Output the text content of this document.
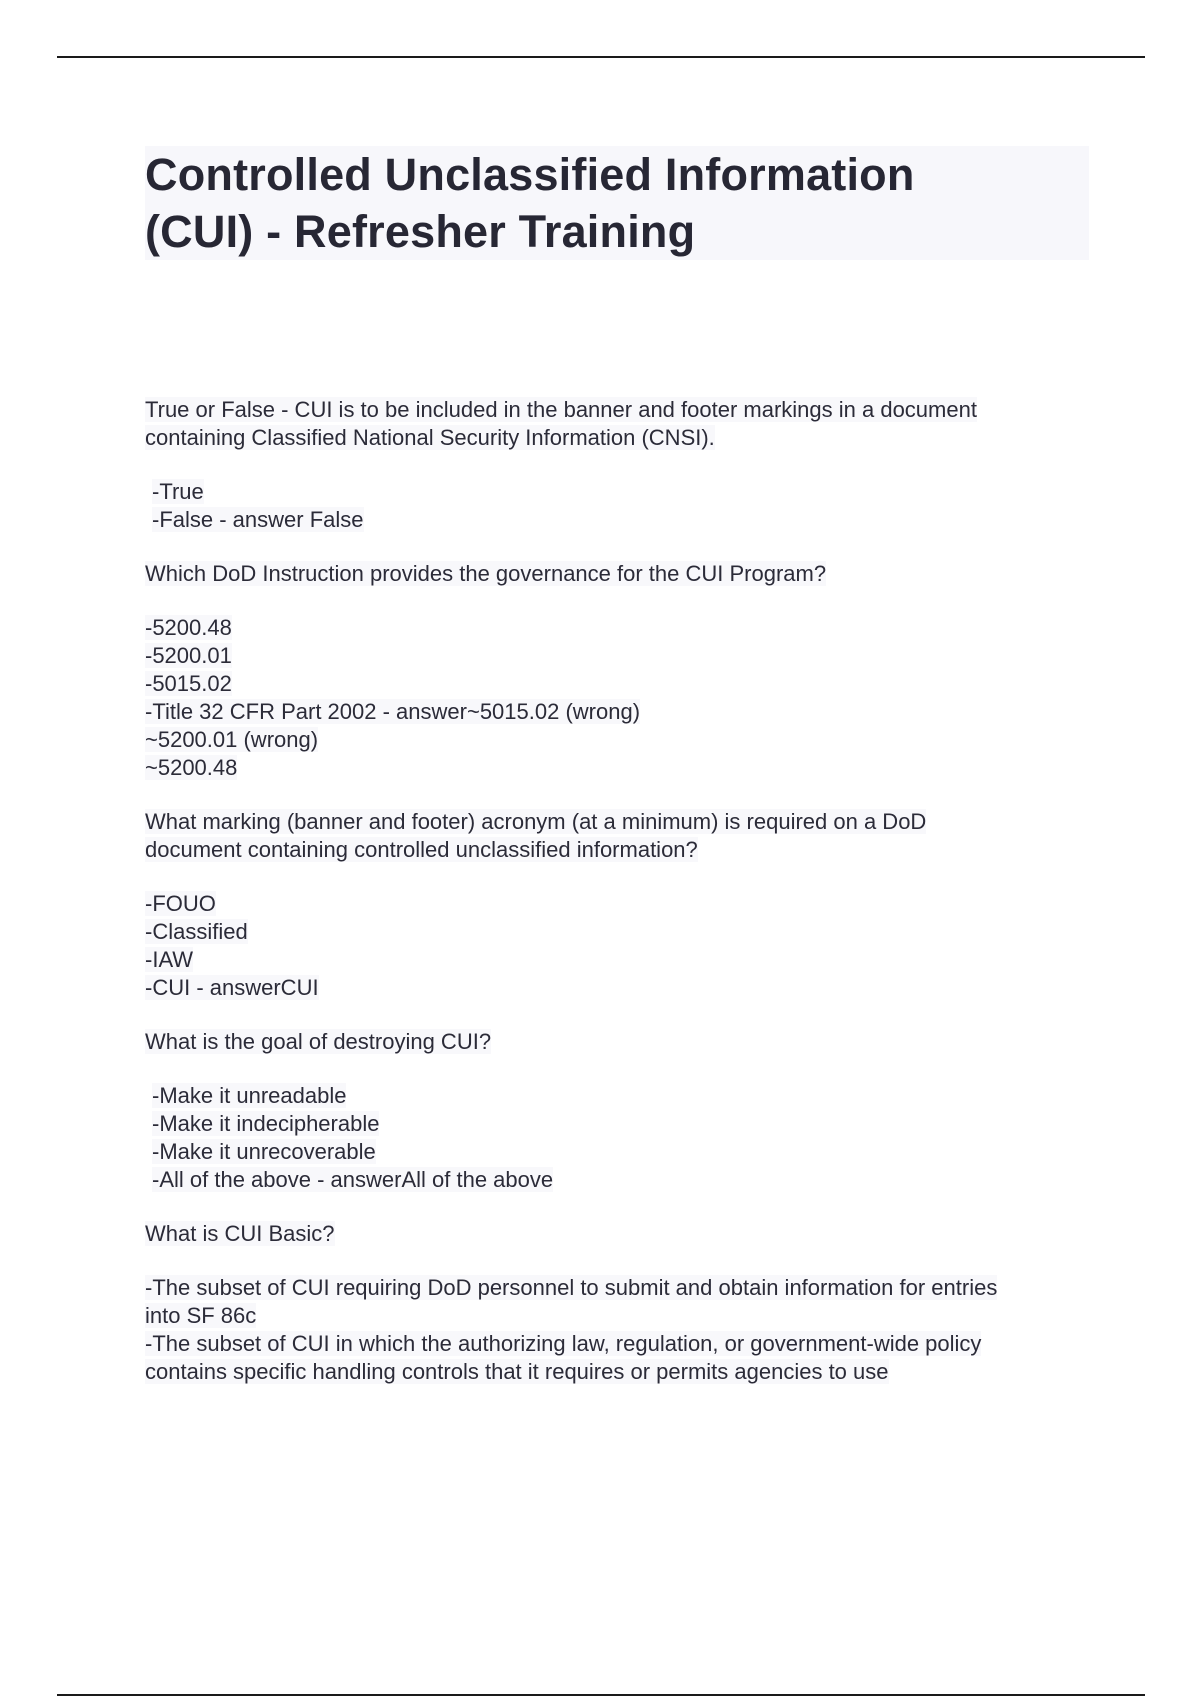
Controlled Unclassified Information
(CUI) - Refresher Training

True or False - CUI is to be included in the banner and footer markings in a document
containing Classified National Security Information (CNSI).

-True
-False - answer False

Which DoD Instruction provides the governance for the CUI Program?

-5200.48
-5200.01
-5015.02
-Title 32 CFR Part 2002 - answer~5015.02 (wrong)
~5200.01 (wrong)
~5200.48

What marking (banner and footer) acronym (at a minimum) is required on a DoD
document containing controlled unclassified information?

-FOUO
-Classified
-IAW
-CUI - answerCUI

What is the goal of destroying CUI?

-Make it unreadable
-Make it indecipherable
-Make it unrecoverable
-All of the above - answerAll of the above

What is CUI Basic?

-The subset of CUI requiring DoD personnel to submit and obtain information for entries
into SF 86c
-The subset of CUI in which the authorizing law, regulation, or government-wide policy
contains specific handling controls that it requires or permits agencies to use
